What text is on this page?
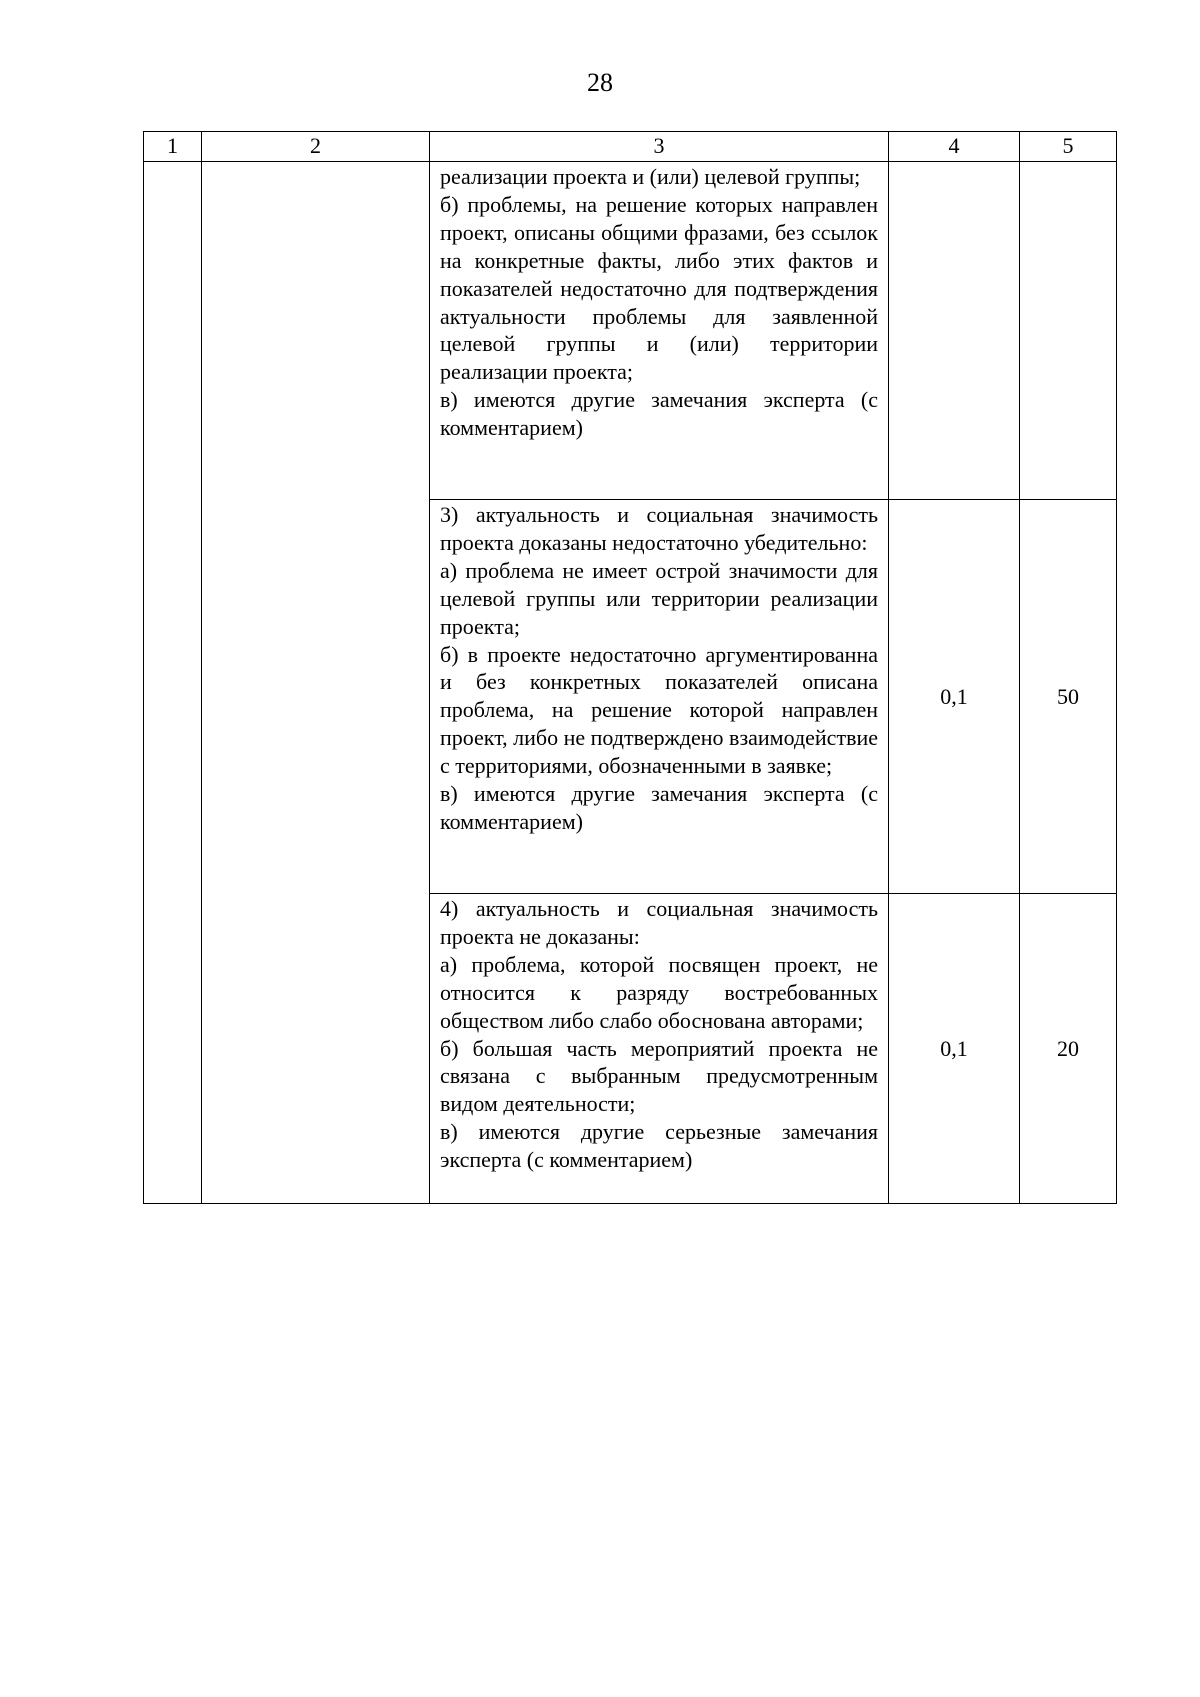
28
1	2	3	4	5

		реализации проекта и (или) целевой группы;
б) проблемы, на решение которых направлен проект, описаны общими фразами, без ссылок на конкретные факты, либо этих фактов и показателей недостаточно для подтверждения актуальности проблемы для заявленной целевой группы и (или) территории реализации проекта;
в) имеются другие замечания эксперта (с комментарием)		

		3) актуальность и социальная значимость проекта доказаны недостаточно убедительно:
а) проблема не имеет острой значимости для целевой группы или территории реализации проекта;
б) в проекте недостаточно аргументированна и без конкретных показателей описана проблема, на решение которой направлен проект, либо не подтверждено взаимодействие с территориями, обозначенными в заявке;
в) имеются другие замечания эксперта (с комментарием)	0,1	50

		4) актуальность и социальная значимость проекта не доказаны:
а) проблема, которой посвящен проект, не относится к разряду востребованных обществом либо слабо обоснована авторами;
б) большая часть мероприятий проекта не связана с выбранным предусмотренным видом деятельности;
в) имеются другие серьезные замечания эксперта (с комментарием)	0,1	20
